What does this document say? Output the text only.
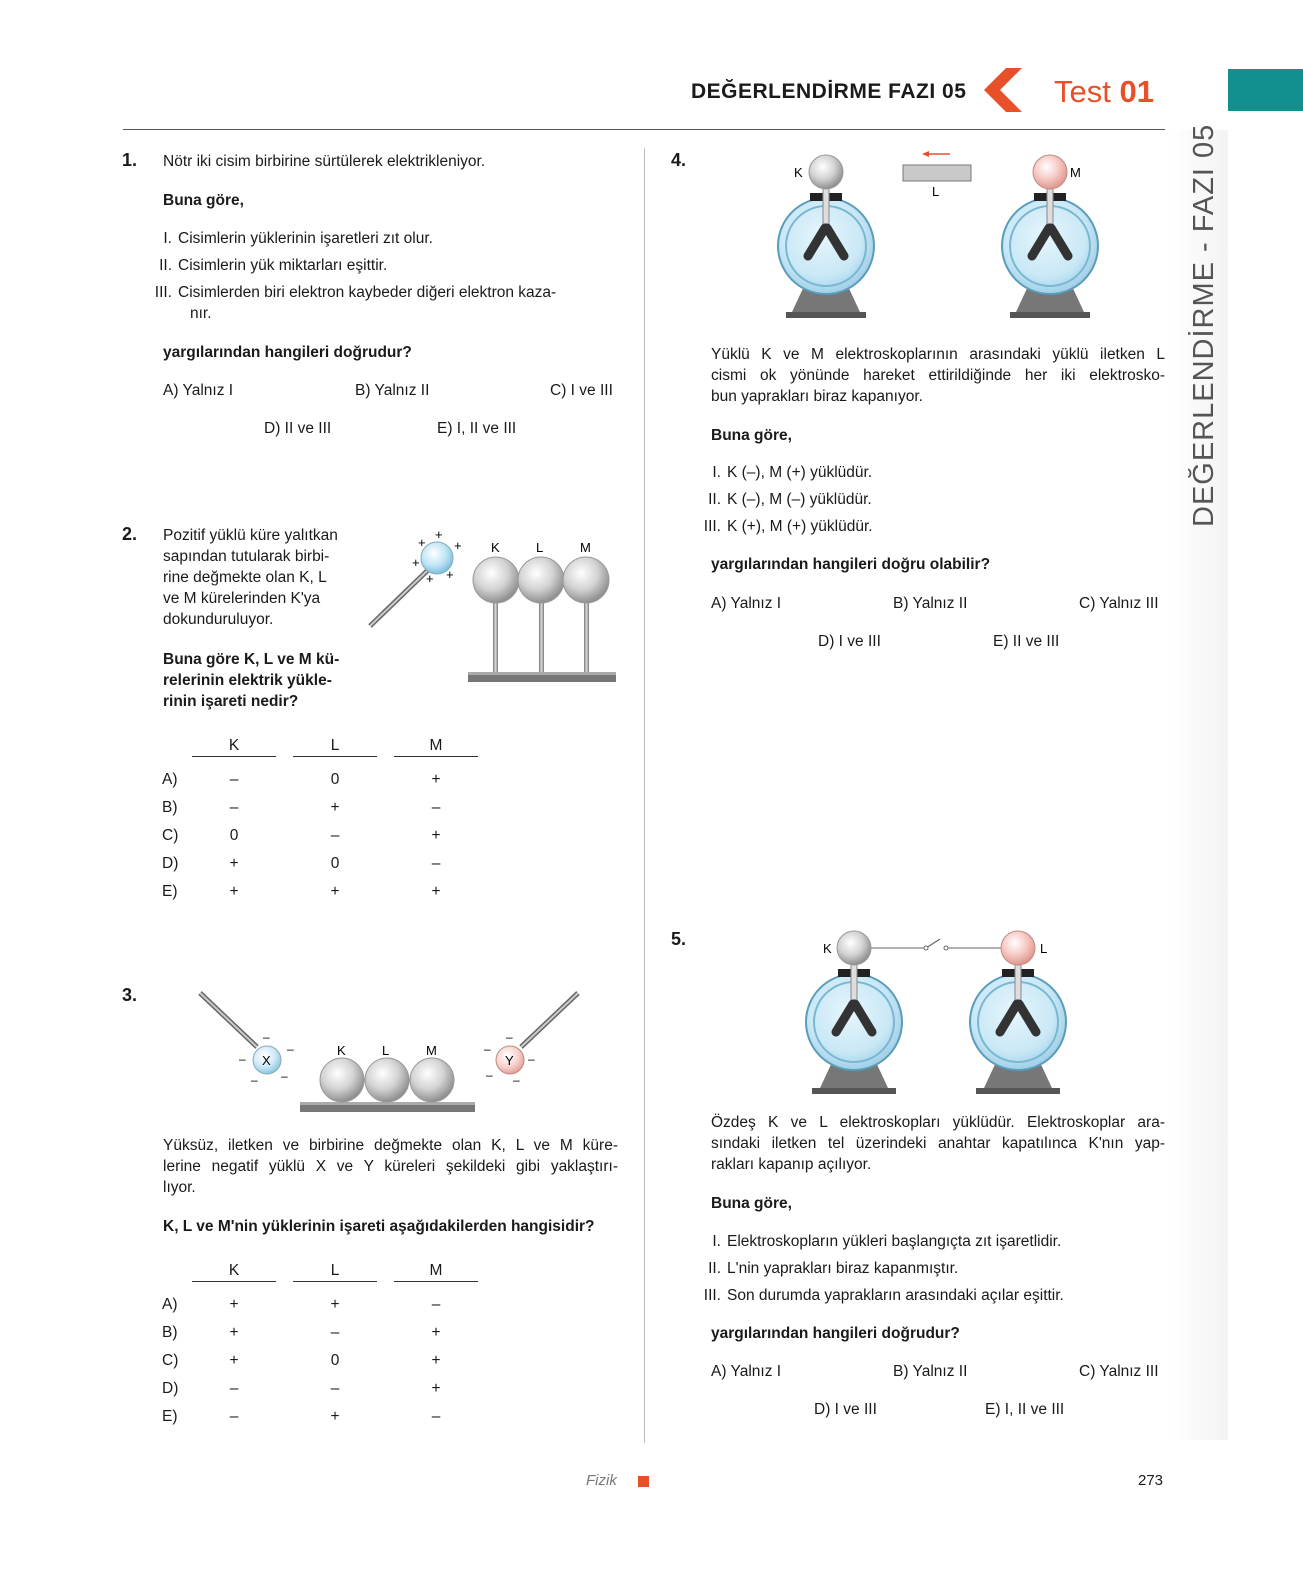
DEĞERLENDİRME FAZI 05	Test 01
DEĞERLENDİRME - FAZI 05
1. Nötr iki cisim birbirine sürtülerek elektrikleniyor.
Buna göre,
I. Cisimlerin yüklerinin işaretleri zıt olur.
II. Cisimlerin yük miktarları eşittir.
III. Cisimlerden biri elektron kaybeder diğeri elektron kaza-
nır.
yargılarından hangileri doğrudur?
A) Yalnız I	B) Yalnız II	C) I ve III
D) II ve III	E) I, II ve III
2. Pozitif yüklü küre yalıtkan
sapından tutularak birbi-
rine değmekte olan K, L
ve M kürelerinden K'ya
dokunduruluyor.
Buna göre K, L ve M kü-
relerinin elektrik yükle-
rinin işareti nedir?
+
+
+
+
+
+
K	L	M
K	L	M
A)	–	0	+
B)	–	+	–
C)	0	–	+
D)	+	0	–
E)	+	+	+
3.
X	Y
–
–
–
– –
–
–
–
– –
K	L	M
Yüksüz, iletken ve birbirine değmekte olan K, L ve M küre-
lerine negatif yüklü X ve Y küreleri şekildeki gibi yaklaştırı-
lıyor.
K, L ve M'nin yüklerinin işareti aşağıdakilerden hangisidir?
K	L	M
A)	+	+	–
B)	+	–	+
C)	+	0	+
D)	–	–	+
E)	–	+	–
4.
K
L
M
Yüklü K ve M elektroskoplarının arasındaki yüklü iletken L
cismi ok yönünde hareket ettirildiğinde her iki elektrosko-
bun yaprakları biraz kapanıyor.
Buna göre,
I. K (–), M (+) yüklüdür.
II. K (–), M (–) yüklüdür.
III. K (+), M (+) yüklüdür.
yargılarından hangileri doğru olabilir?
A) Yalnız I	B) Yalnız II	C) Yalnız III
D) I ve III	E) II ve III
5.	K	L
Özdeş K ve L elektroskopları yüklüdür. Elektroskoplar ara-
sındaki iletken tel üzerindeki anahtar kapatılınca K'nın yap-
rakları kapanıp açılıyor.
Buna göre,
I. Elektroskopların yükleri başlangıçta zıt işaretlidir.
II. L'nin yaprakları biraz kapanmıştır.
III. Son durumda yaprakların arasındaki açılar eşittir.
yargılarından hangileri doğrudur?
A) Yalnız I	B) Yalnız II	C) Yalnız III
D) I ve III	E) I, II ve III
Fizik	273
